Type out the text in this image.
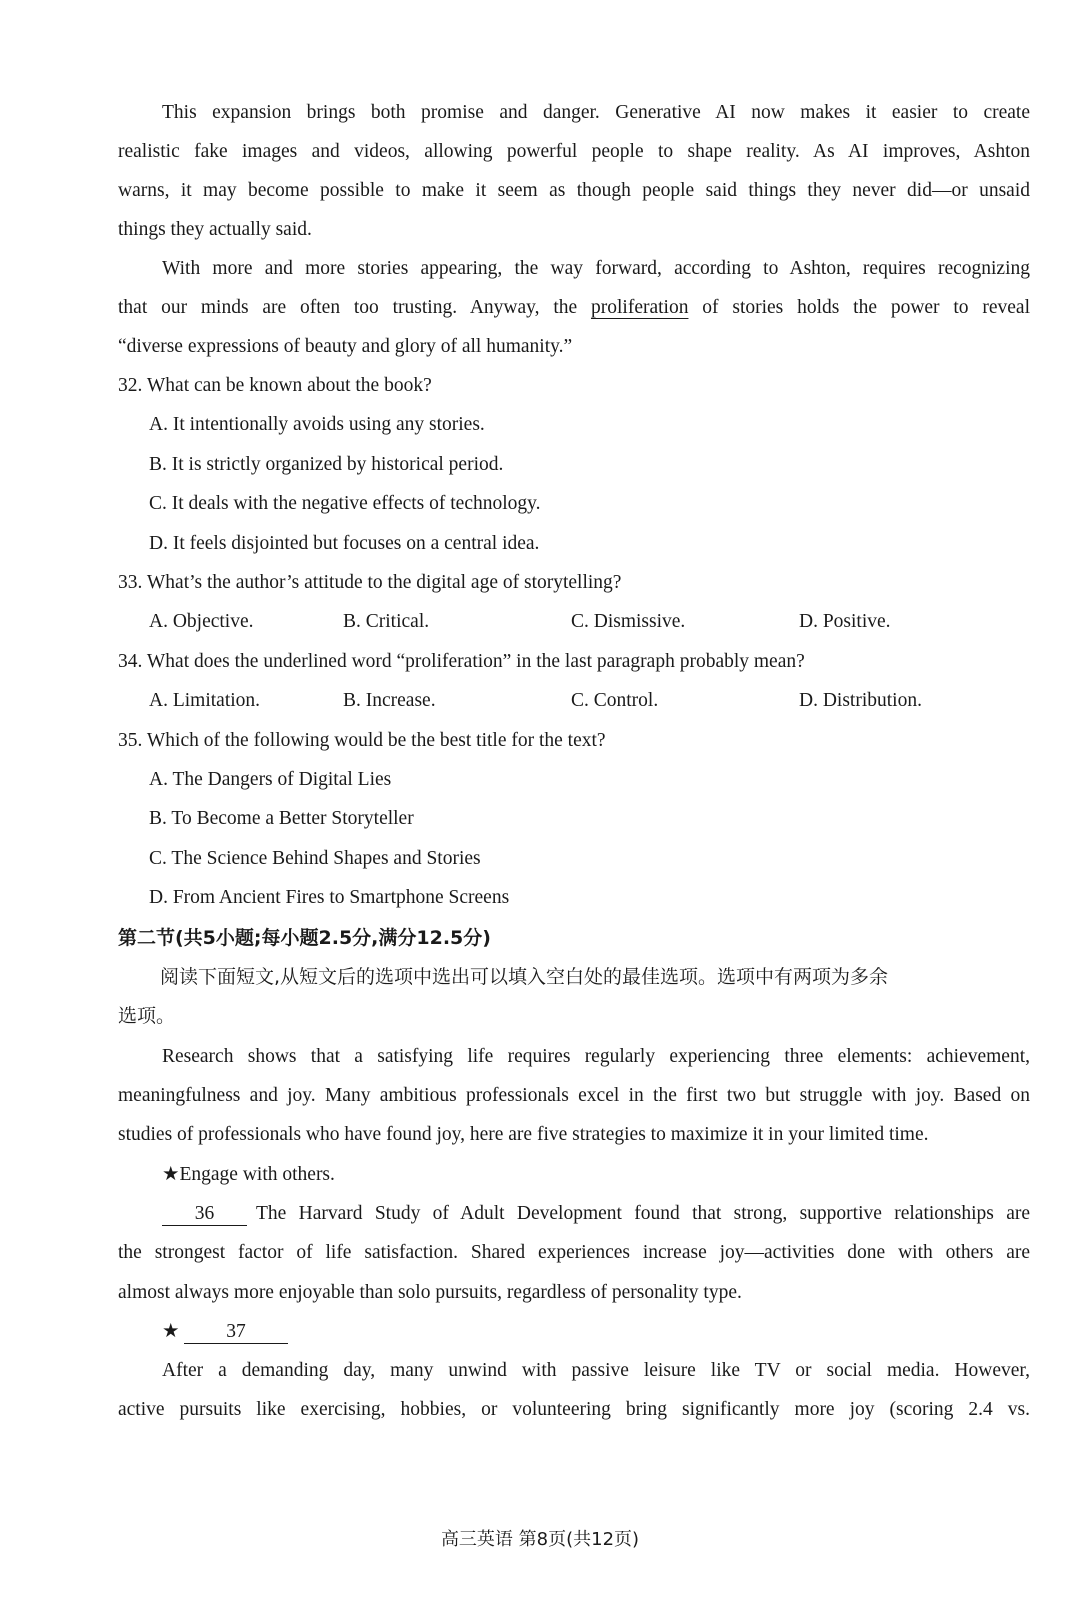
This expansion brings both promise and danger. Generative AI now makes it easier to create
realistic fake images and videos, allowing powerful people to shape reality. As AI improves, Ashton
warns, it may become possible to make it seem as though people said things they never did—or unsaid
things they actually said.
With more and more stories appearing, the way forward, according to Ashton, requires recognizing
that our minds are often too trusting. Anyway, the proliferation of stories holds the power to reveal
“diverse expressions of beauty and glory of all humanity.”
32. What can be known about the book?
A. It intentionally avoids using any stories.
B. It is strictly organized by historical period.
C. It deals with the negative effects of technology.
D. It feels disjointed but focuses on a central idea.
33. What’s the author’s attitude to the digital age of storytelling?
A. Objective.	B. Critical.	C. Dismissive.	D. Positive.
34. What does the underlined word “proliferation” in the last paragraph probably mean?
A. Limitation.	B. Increase.	C. Control.	D. Distribution.
35. Which of the following would be the best title for the text?
A. The Dangers of Digital Lies
B. To Become a Better Storyteller
C. The Science Behind Shapes and Stories
D. From Ancient Fires to Smartphone Screens
第二节(共5小题;每小题2.5分,满分12.5分)
阅读下面短文,从短文后的选项中选出可以填入空白处的最佳选项。选项中有两项为多余
选项。
Research shows that a satisfying life requires regularly experiencing three elements: achievement,
meaningfulness and joy. Many ambitious professionals excel in the first two but struggle with joy. Based on
studies of professionals who have found joy, here are five strategies to maximize it in your limited time.
★Engage with others.
36	The Harvard Study of Adult Development found that strong, supportive relationships are
the strongest factor of life satisfaction. Shared experiences increase joy—activities done with others are
almost always more enjoyable than solo pursuits, regardless of personality type.
★	37
After a demanding day, many unwind with passive leisure like TV or social media. However,
active pursuits like exercising, hobbies, or volunteering bring significantly more joy (scoring 2.4 vs.
高三英语 第8页(共12页)
